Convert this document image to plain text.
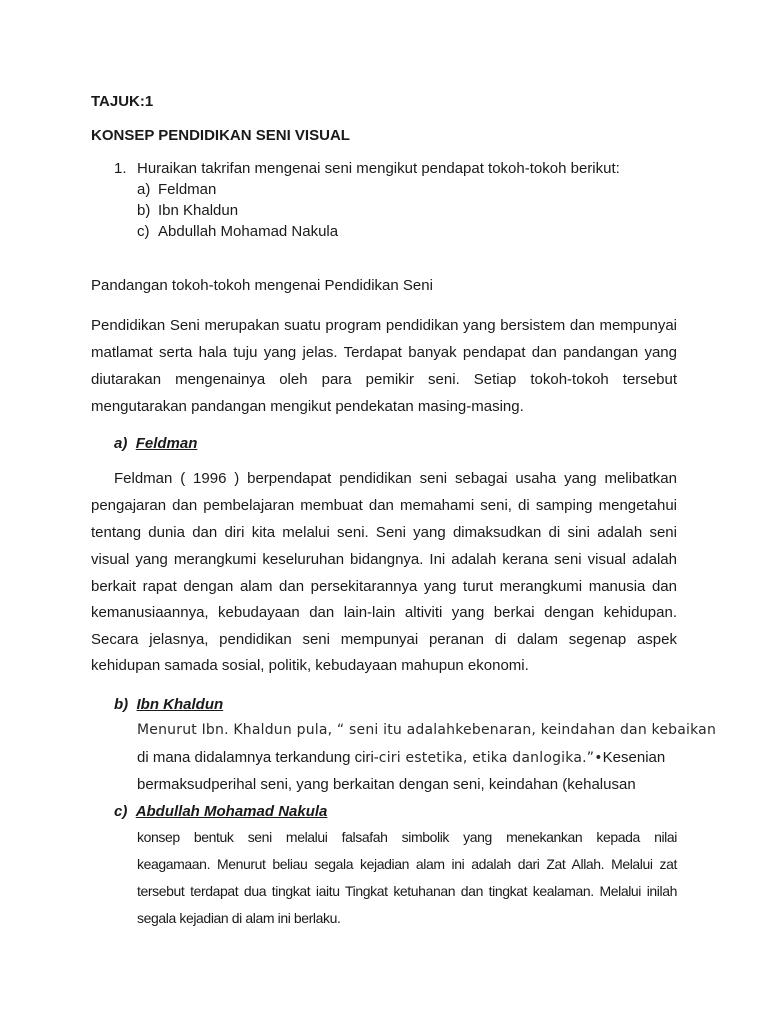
TAJUK:1
KONSEP PENDIDIKAN SENI VISUAL
1. Huraikan takrifan mengenai seni mengikut pendapat tokoh-tokoh berikut:
a) Feldman
b) Ibn Khaldun
c) Abdullah Mohamad Nakula
Pandangan tokoh-tokoh mengenai Pendidikan Seni
Pendidikan Seni merupakan suatu program pendidikan yang bersistem dan mempunyai
matlamat serta hala tuju yang jelas. Terdapat banyak pendapat dan pandangan yang
diutarakan mengenainya oleh para pemikir seni. Setiap tokoh-tokoh tersebut
mengutarakan pandangan mengikut pendekatan masing-masing.
a) Feldman
Feldman ( 1996 ) berpendapat pendidikan seni sebagai usaha yang melibatkan
pengajaran dan pembelajaran membuat dan memahami seni, di samping mengetahui
tentang dunia dan diri kita melalui seni. Seni yang dimaksudkan di sini adalah seni
visual yang merangkumi keseluruhan bidangnya. Ini adalah kerana seni visual adalah
berkait rapat dengan alam dan persekitarannya yang turut merangkumi manusia dan
kemanusiaannya, kebudayaan dan lain-lain altiviti yang berkai dengan kehidupan.
Secara jelasnya, pendidikan seni mempunyai peranan di dalam segenap aspek
kehidupan samada sosial, politik, kebudayaan mahupun ekonomi.
b) Ibn Khaldun
Menurut Ibn. Khaldun pula, “ seni itu adalahkebenaran, keindahan dan kebaikan
di mana didalamnya terkandung ciri-ciri estetika, etika danlogika.”•Kesenian
bermaksudperihal seni, yang berkaitan dengan seni, keindahan (kehalusan
c) Abdullah Mohamad Nakula
konsep bentuk seni melalui falsafah simbolik yang menekankan kepada nilai
keagamaan. Menurut beliau segala kejadian alam ini adalah dari Zat Allah. Melalui zat
tersebut terdapat dua tingkat iaitu Tingkat ketuhanan dan tingkat kealaman. Melalui inilah
segala kejadian di alam ini berlaku.
